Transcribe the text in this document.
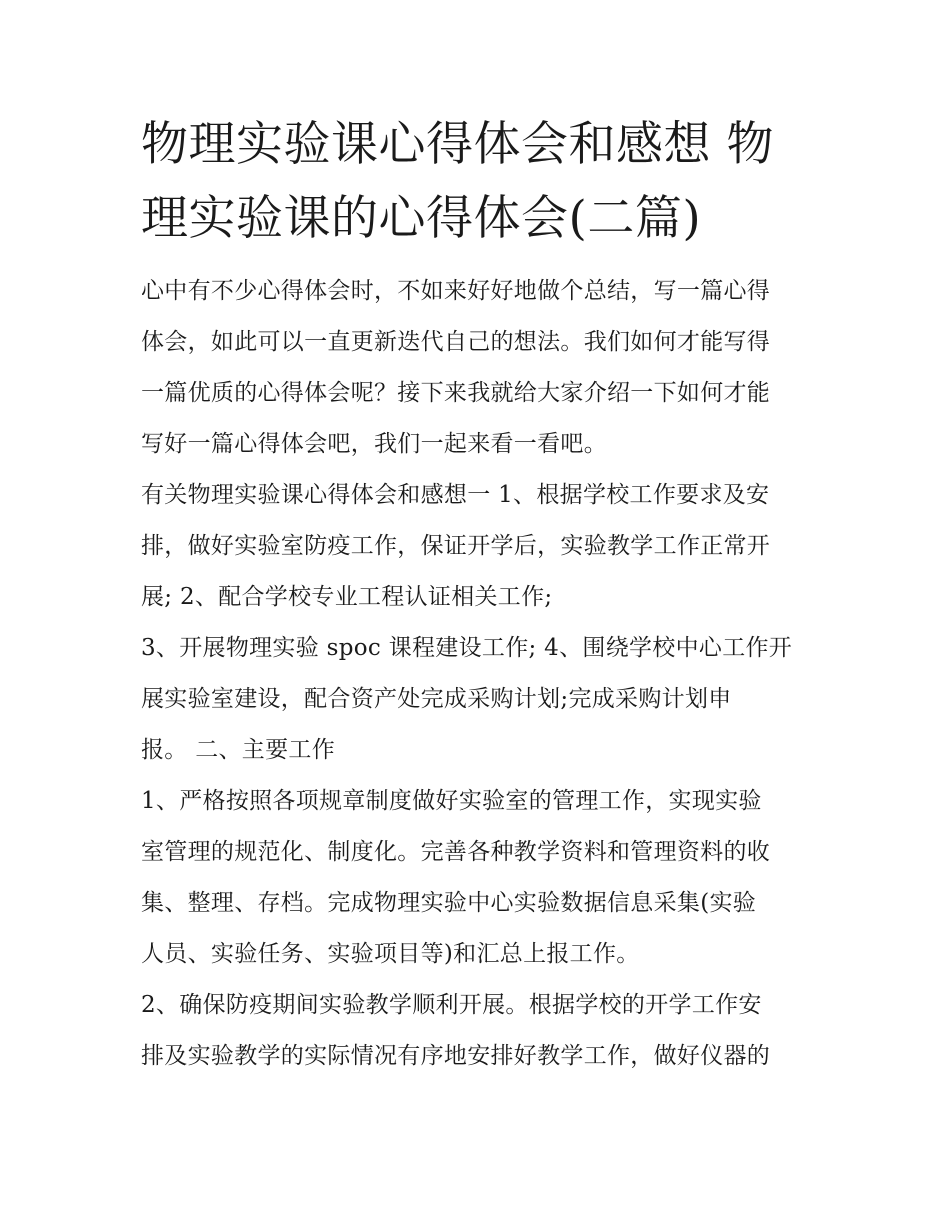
物理实验课心得体会和感想 物
理实验课的心得体会(二篇)

心中有不少心得体会时，不如来好好地做个总结，写一篇心得
体会，如此可以一直更新迭代自己的想法。我们如何才能写得
一篇优质的心得体会呢？接下来我就给大家介绍一下如何才能
写好一篇心得体会吧，我们一起来看一看吧。

有关物理实验课心得体会和感想一 1、根据学校工作要求及安
排，做好实验室防疫工作，保证开学后，实验教学工作正常开
展; 2、配合学校专业工程认证相关工作;

3、开展物理实验 spoc 课程建设工作; 4、围绕学校中心工作开
展实验室建设，配合资产处完成采购计划;完成采购计划申
报。 二、主要工作

1、严格按照各项规章制度做好实验室的管理工作，实现实验
室管理的规范化、制度化。完善各种教学资料和管理资料的收
集、整理、存档。完成物理实验中心实验数据信息采集(实验
人员、实验任务、实验项目等)和汇总上报工作。

2、确保防疫期间实验教学顺利开展。根据学校的开学工作安
排及实验教学的实际情况有序地安排好教学工作，做好仪器的
